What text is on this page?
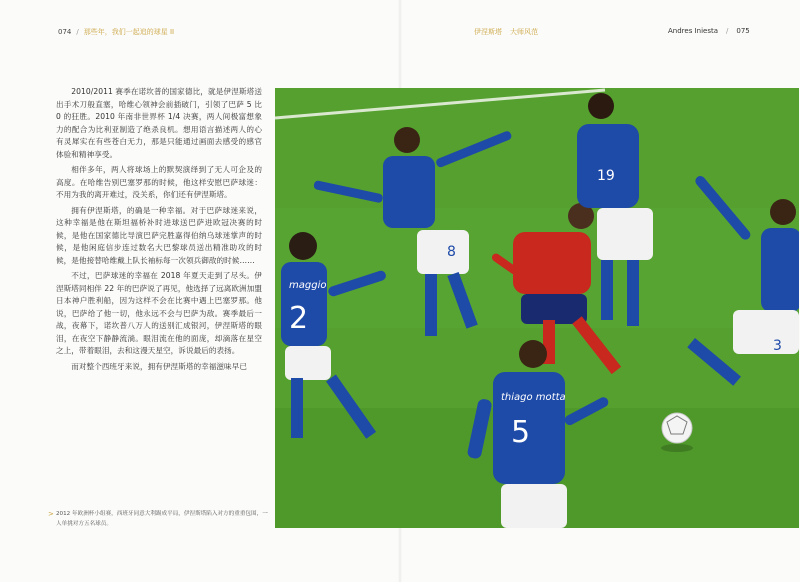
074 / 那些年，我们一起追的球星 II	伊涅斯塔 大师风范	Andres Iniesta / 075

2010/2011 赛季在诺坎普的国家德比，就是伊涅斯塔送出手术刀般直塞，哈维心领神会前插破门，引领了巴萨 5 比 0 的狂胜。2010 年南非世界杯 1/4 决赛，两人间极富想象力的配合为比利亚制造了绝杀良机。想用语言描述两人的心有灵犀实在有些苍白无力，那是只能通过画面去感受的感官体验和精神享受。

相伴多年，两人将球场上的默契演绎到了无人可企及的高度。在哈维告别巴塞罗那的时候，他这样安慰巴萨球迷：不用为我的离开难过，没关系，你们还有伊涅斯塔。

拥有伊涅斯塔，的确是一种幸福。对于巴萨球迷来说，这种幸福是他在斯坦福桥补时进球送巴萨进欧冠决赛的时候，是他在国家德比导演巴萨完胜嘉得伯纳乌球迷掌声的时候，是他闲庭信步连过数名大巴黎球员送出精准助攻的时候，是他接替哈维戴上队长袖标每一次领兵御敌的时候……

不过，巴萨球迷的幸福在 2018 年夏天走到了尽头。伊涅斯塔同相伴 22 年的巴萨说了再见，他选择了远离欧洲加盟日本神户胜利船，因为这样不会在比赛中遇上巴塞罗那。他说，巴萨给了他一切，他永远不会与巴萨为敌。赛季最后一战，夜幕下，诺坎普八万人的送别汇成银河，伊涅斯塔的眼泪，在夜空下静静流淌。眼泪流在他的面庞，却滴落在星空之上，带着眼泪，去和这漫天星空，诉说最后的表扬。

而对整个西班牙来说，拥有伊涅斯塔的幸福滋味早已

> 2012 年欧洲杯小组赛，西班牙同意大利踢成平局，伊涅斯塔陷入对方的重重包围，一人单挑对方五名球员。
maggio
2
8
19
3
thiago motta
5
